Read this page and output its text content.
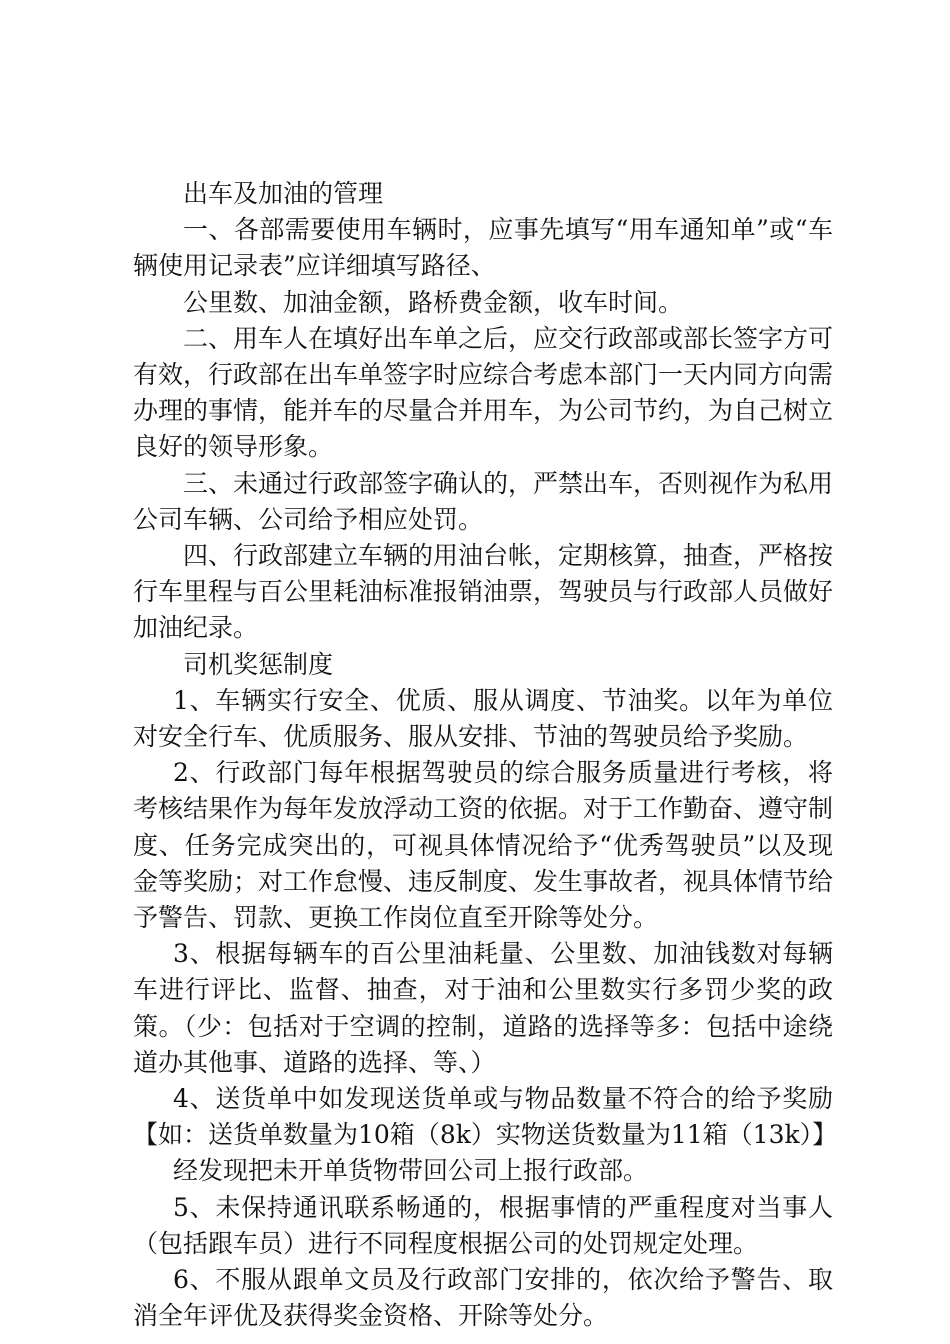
出车及加油的管理

一、各部需要使用车辆时，应事先填写“用车通知单”或“车辆使用记录表”应详细填写路径、

公里数、加油金额，路桥费金额，收车时间。

二、用车人在填好出车单之后，应交行政部或部长签字方可有效，行政部在出车单签字时应综合考虑本部门一天内同方向需办理的事情，能并车的尽量合并用车，为公司节约，为自己树立良好的领导形象。

三、未通过行政部签字确认的，严禁出车，否则视作为私用公司车辆、公司给予相应处罚。

四、行政部建立车辆的用油台帐，定期核算，抽查，严格按行车里程与百公里耗油标准报销油票，驾驶员与行政部人员做好加油纪录。

司机奖惩制度

1、车辆实行安全、优质、服从调度、节油奖。以年为单位对安全行车、优质服务、服从安排、节油的驾驶员给予奖励。

2、行政部门每年根据驾驶员的综合服务质量进行考核，将考核结果作为每年发放浮动工资的依据。对于工作勤奋、遵守制度、任务完成突出的，可视具体情况给予“优秀驾驶员”以及现金等奖励；对工作怠慢、违反制度、发生事故者，视具体情节给予警告、罚款、更换工作岗位直至开除等处分。

3、根据每辆车的百公里油耗量、公里数、加油钱数对每辆车进行评比、监督、抽查，对于油和公里数实行多罚少奖的政策。（少：包括对于空调的控制，道路的选择等多：包括中途绕道办其他事、道路的选择、等、）

4、送货单中如发现送货单或与物品数量不符合的给予奖励【如：送货单数量为10箱（8k）实物送货数量为11箱（13k）】

经发现把未开单货物带回公司上报行政部。

5、未保持通讯联系畅通的，根据事情的严重程度对当事人（包括跟车员）进行不同程度根据公司的处罚规定处理。

6、不服从跟单文员及行政部门安排的，依次给予警告、取消全年评优及获得奖金资格、开除等处分。
